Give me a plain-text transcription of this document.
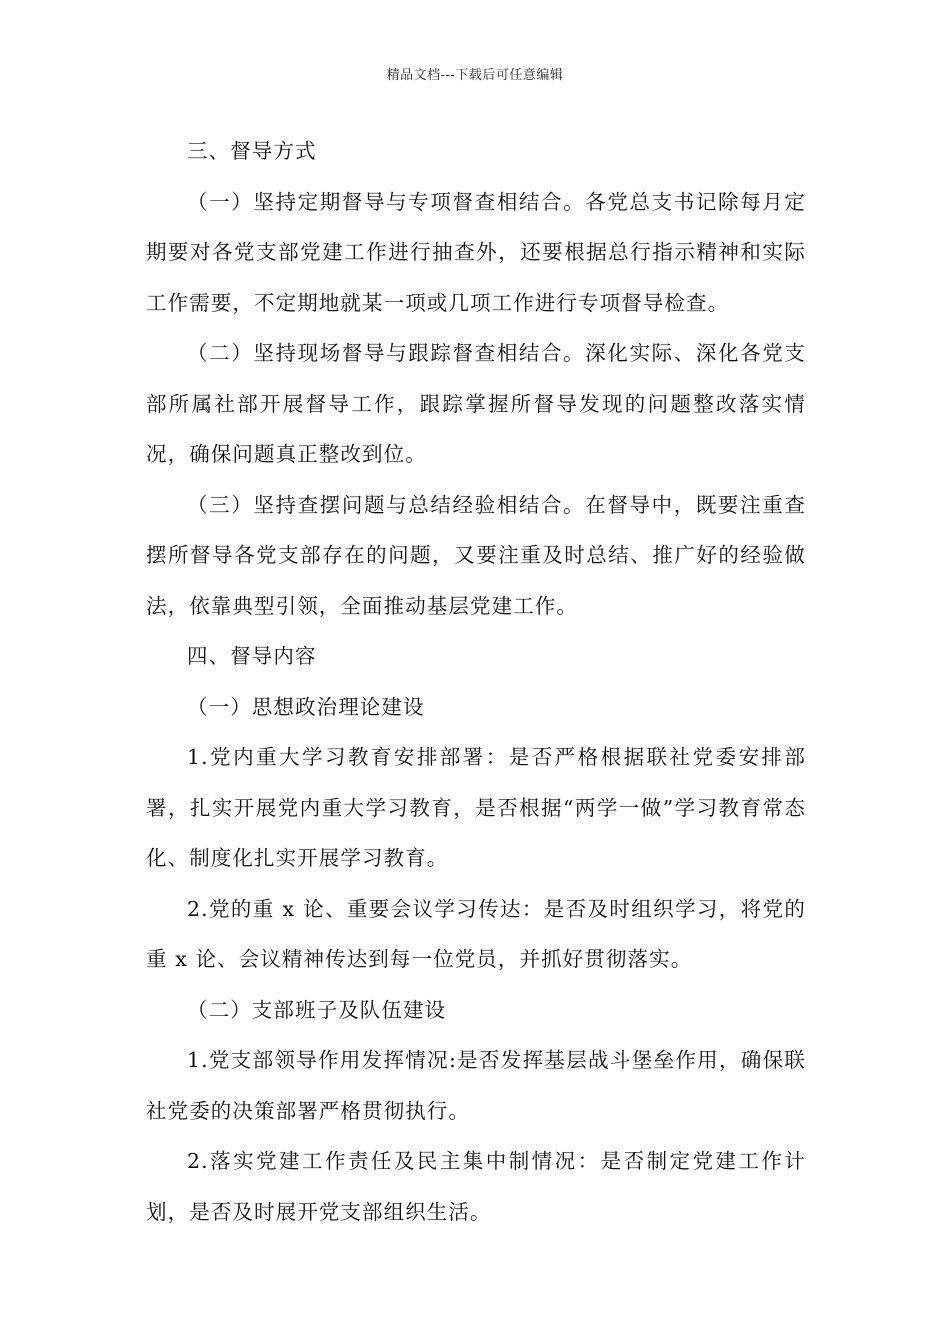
精品文档---下载后可任意编辑

三、督导方式

（一）坚持定期督导与专项督查相结合。各党总支书记除每月定期要对各党支部党建工作进行抽查外，还要根据总行指示精神和实际工作需要，不定期地就某一项或几项工作进行专项督导检查。

（二）坚持现场督导与跟踪督查相结合。深化实际、深化各党支部所属社部开展督导工作，跟踪掌握所督导发现的问题整改落实情况，确保问题真正整改到位。

（三）坚持查摆问题与总结经验相结合。在督导中，既要注重查摆所督导各党支部存在的问题，又要注重及时总结、推广好的经验做法，依靠典型引领，全面推动基层党建工作。

四、督导内容

（一）思想政治理论建设

1.党内重大学习教育安排部署：是否严格根据联社党委安排部署，扎实开展党内重大学习教育，是否根据“两学一做”学习教育常态化、制度化扎实开展学习教育。

2.党的重 x 论、重要会议学习传达：是否及时组织学习，将党的重 x 论、会议精神传达到每一位党员，并抓好贯彻落实。

（二）支部班子及队伍建设

1.党支部领导作用发挥情况:是否发挥基层战斗堡垒作用，确保联社党委的决策部署严格贯彻执行。

2.落实党建工作责任及民主集中制情况：是否制定党建工作计划，是否及时展开党支部组织生活。
